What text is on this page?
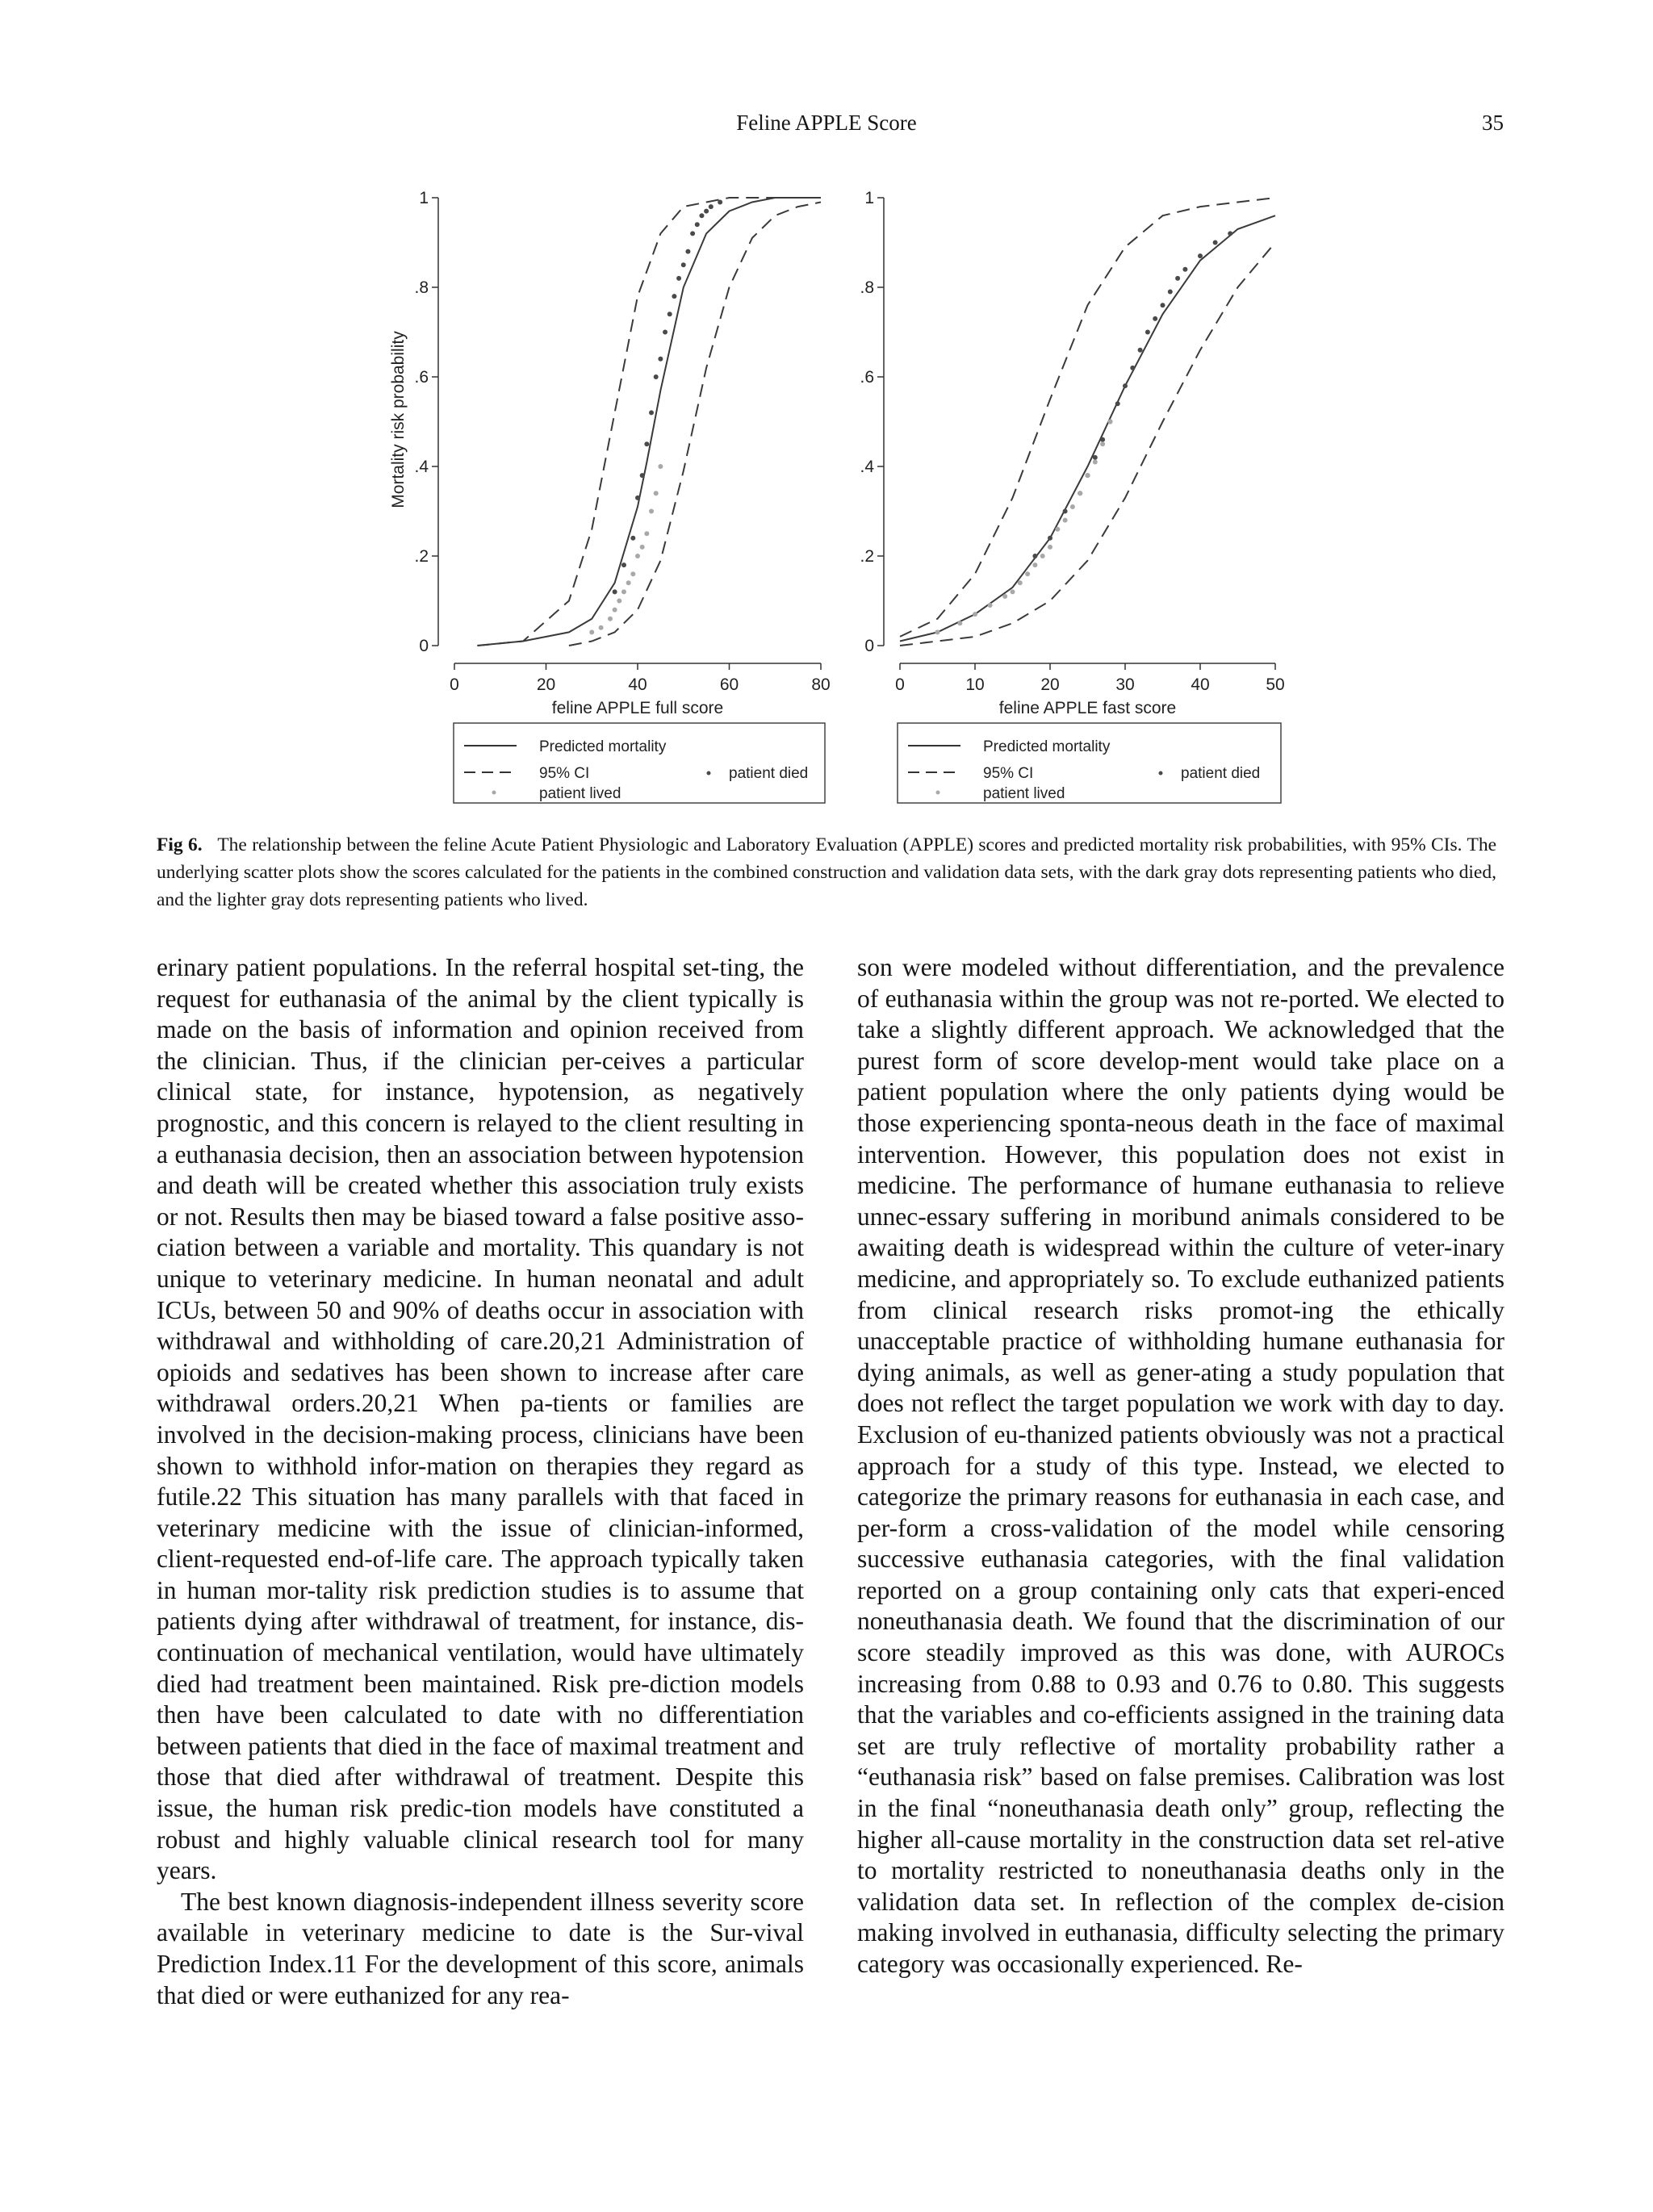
Feline APPLE Score	35
Mortality risk probability
0
.2
.4
.6
.8
1
0	20	40	60	80
feline APPLE full score
0
.2
.4
.6
.8
1
0	10	20	30	40	50
feline APPLE fast score
Predicted mortality
95% CI	patient died
patient lived
Predicted mortality
95% CI	patient died
patient lived
Fig 6. The relationship between the feline Acute Patient Physiologic and Laboratory Evaluation (APPLE) scores and predicted mortality risk probabilities, with 95% CIs. The underlying scatter plots show the scores calculated for the patients in the combined construction and validation data sets, with the dark gray dots representing patients who died, and the lighter gray dots representing patients who lived.

erinary patient populations. In the referral hospital set-ting, the request for euthanasia of the animal by the client typically is made on the basis of information and opinion received from the clinician. Thus, if the clinician per-ceives a particular clinical state, for instance, hypotension, as negatively prognostic, and this concern is relayed to the client resulting in a euthanasia decision, then an association between hypotension and death will be created whether this association truly exists or not. Results then may be biased toward a false positive asso-ciation between a variable and mortality. This quandary is not unique to veterinary medicine. In human neonatal and adult ICUs, between 50 and 90% of deaths occur in association with withdrawal and withholding of care.20,21 Administration of opioids and sedatives has been shown to increase after care withdrawal orders.20,21 When pa-tients or families are involved in the decision-making process, clinicians have been shown to withhold infor-mation on therapies they regard as futile.22 This situation has many parallels with that faced in veterinary medicine with the issue of clinician-informed, client-requested end-of-life care. The approach typically taken in human mor-tality risk prediction studies is to assume that patients dying after withdrawal of treatment, for instance, dis-continuation of mechanical ventilation, would have ultimately died had treatment been maintained. Risk pre-diction models then have been calculated to date with no differentiation between patients that died in the face of maximal treatment and those that died after withdrawal of treatment. Despite this issue, the human risk predic-tion models have constituted a robust and highly valuable clinical research tool for many years.

The best known diagnosis-independent illness severity score available in veterinary medicine to date is the Sur-vival Prediction Index.11 For the development of this score, animals that died or were euthanized for any rea-

son were modeled without differentiation, and the prevalence of euthanasia within the group was not re-ported. We elected to take a slightly different approach. We acknowledged that the purest form of score develop-ment would take place on a patient population where the only patients dying would be those experiencing sponta-neous death in the face of maximal intervention. However, this population does not exist in medicine. The performance of humane euthanasia to relieve unnec-essary suffering in moribund animals considered to be awaiting death is widespread within the culture of veter-inary medicine, and appropriately so. To exclude euthanized patients from clinical research risks promot-ing the ethically unacceptable practice of withholding humane euthanasia for dying animals, as well as gener-ating a study population that does not reflect the target population we work with day to day. Exclusion of eu-thanized patients obviously was not a practical approach for a study of this type. Instead, we elected to categorize the primary reasons for euthanasia in each case, and per-form a cross-validation of the model while censoring successive euthanasia categories, with the final validation reported on a group containing only cats that experi-enced noneuthanasia death. We found that the discrimination of our score steadily improved as this was done, with AUROCs increasing from 0.88 to 0.93 and 0.76 to 0.80. This suggests that the variables and co-efficients assigned in the training data set are truly reflective of mortality probability rather a “euthanasia risk” based on false premises. Calibration was lost in the final “noneuthanasia death only” group, reflecting the higher all-cause mortality in the construction data set rel-ative to mortality restricted to noneuthanasia deaths only in the validation data set. In reflection of the complex de-cision making involved in euthanasia, difficulty selecting the primary category was occasionally experienced. Re-
